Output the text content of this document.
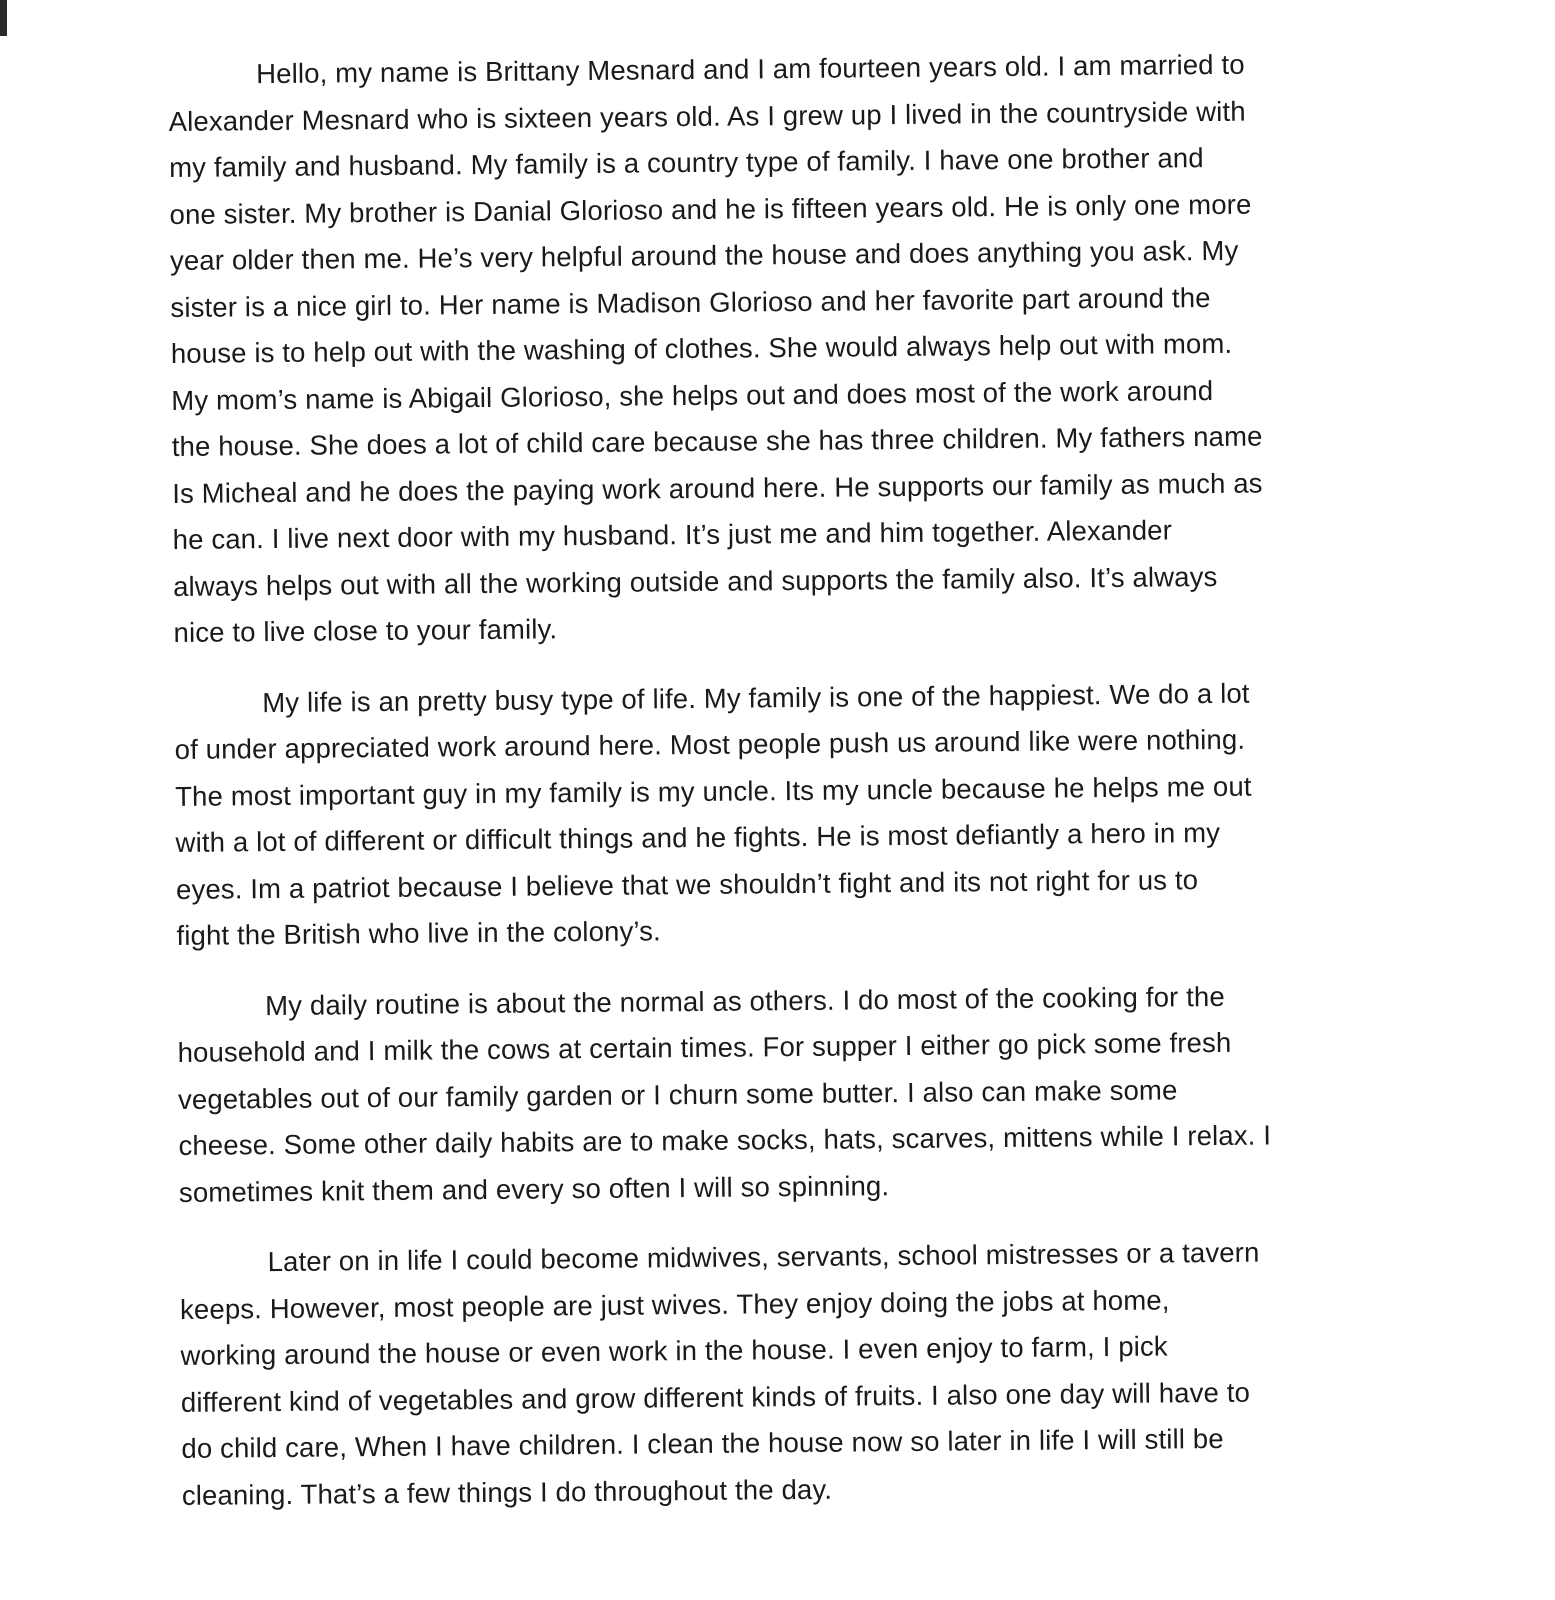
Hello, my name is Brittany Mesnard and I am fourteen years old. I am married to
Alexander Mesnard who is sixteen years old. As I grew up I lived in the countryside with
my family and husband. My family is a country type of family. I have one brother and
one sister. My brother is Danial Glorioso and he is fifteen years old. He is only one more
year older then me. He’s very helpful around the house and does anything you ask. My
sister is a nice girl to. Her name is Madison Glorioso and her favorite part around the
house is to help out with the washing of clothes. She would always help out with mom.
My mom’s name is Abigail Glorioso, she helps out and does most of the work around
the house. She does a lot of child care because she has three children. My fathers name
Is Micheal and he does the paying work around here. He supports our family as much as
he can. I live next door with my husband. It’s just me and him together. Alexander
always helps out with all the working outside and supports the family also. It’s always
nice to live close to your family.
My life is an pretty busy type of life. My family is one of the happiest. We do a lot
of under appreciated work around here. Most people push us around like were nothing.
The most important guy in my family is my uncle. Its my uncle because he helps me out
with a lot of different or difficult things and he fights. He is most defiantly a hero in my
eyes. Im a patriot because I believe that we shouldn’t fight and its not right for us to
fight the British who live in the colony’s.
My daily routine is about the normal as others. I do most of the cooking for the
household and I milk the cows at certain times. For supper I either go pick some fresh
vegetables out of our family garden or I churn some butter. I also can make some
cheese. Some other daily habits are to make socks, hats, scarves, mittens while I relax. I
sometimes knit them and every so often I will so spinning.
Later on in life I could become midwives, servants, school mistresses or a tavern
keeps. However, most people are just wives. They enjoy doing the jobs at home,
working around the house or even work in the house. I even enjoy to farm, I pick
different kind of vegetables and grow different kinds of fruits. I also one day will have to
do child care, When I have children. I clean the house now so later in life I will still be
cleaning. That’s a few things I do throughout the day.
